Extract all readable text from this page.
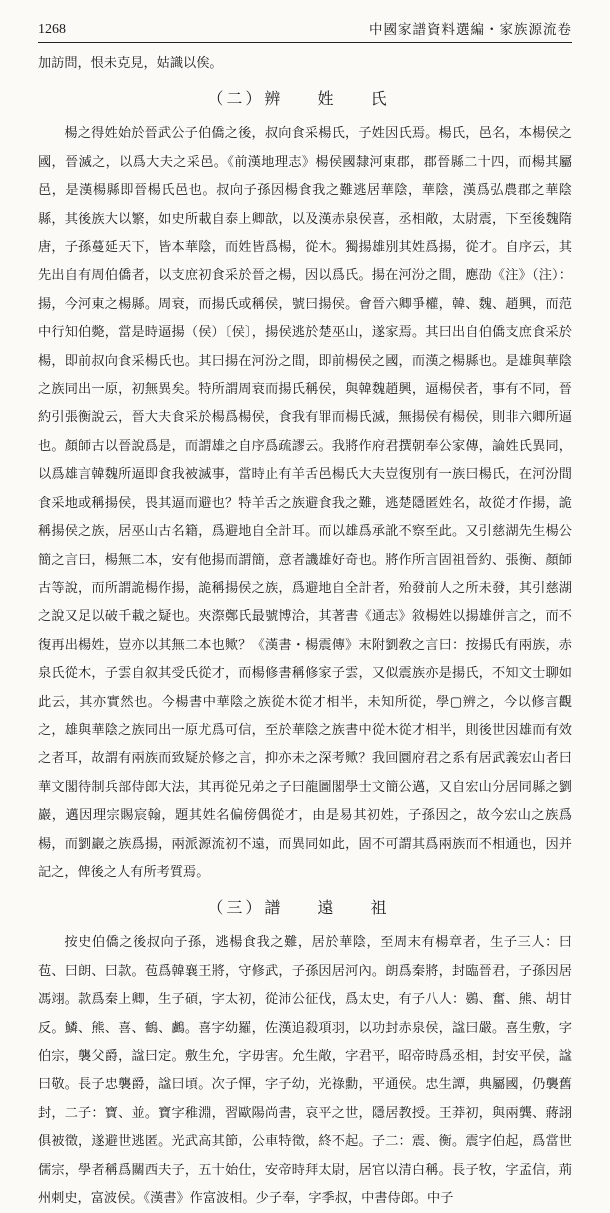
1268	中國家譜資料選編・家族源流卷

加訪問，恨未克見，姑識以俟。

（二）辨 姓 氏

楊之得姓始於晉武公子伯僑之後，叔向食采楊氏，子姓因氏焉。楊氏，邑名，本楊侯之國，晉滅之，以爲大夫之采邑。《前漢地理志》楊侯國隸河東郡，郡晉縣二十四，而楊其屬邑，是漢楊縣即晉楊氏邑也。叔向子孫因楊食我之難逃居華陰，華陰，漢爲弘農郡之華陰縣，其後族大以繁，如史所載自泰上卿歆，以及漢赤泉侯喜，丞相敞，太尉震，下至後魏隋唐，子孫蔓延天下，皆本華陰，而姓皆爲楊，從木。獨揚雄別其姓爲揚，從才。自序云，其先出自有周伯僑者，以支庶初食采於晉之楊，因以爲氏。揚在河汾之間，應劭《注》（注）：揚，今河東之楊縣。周衰，而揚氏或稱侯，號曰揚侯。會晉六卿爭權，韓、魏、趙興，而范中行知伯斃，當是時逼揚（侯）〔侯〕，揚侯逃於楚巫山，遂家焉。其曰出自伯僑支庶食采於楊，即前叔向食采楊氏也。其曰揚在河汾之間，即前楊侯之國，而漢之楊縣也。是雄與華陰之族同出一原，初無異矣。特所謂周衰而揚氏稱侯，與韓魏趙興，逼楊侯者，事有不同，晉約引張衡說云，晉大夫食采於楊爲楊侯，食我有罪而楊氏滅，無揚侯有楊侯，則非六卿所逼也。顏師古以晉說爲是，而謂雄之自序爲疏謬云。我將作府君撰朝奉公家傳，論姓氏異同，以爲雄言韓魏所逼即食我被滅事，當時止有羊舌邑楊氏大夫豈復別有一族曰楊氏，在河汾間食采地或稱揚侯，畏其逼而避也？特羊舌之族避食我之難，逃楚隱匿姓名，故從才作揚，詭稱揚侯之族，居巫山古名籍，爲避地自全計耳。而以雄爲承訛不察至此。又引慈湖先生楊公簡之言曰，楊無二本，安有他揚而謂簡，意者譏雄好奇也。將作所言固祖晉約、張衡、顏師古等說，而所謂詭楊作揚，詭稱揚侯之族，爲避地自全計者，殆發前人之所未發，其引慈湖之說又足以破千載之疑也。夾漈鄭氏最號博洽，其著書《通志》敘楊姓以揚雄併言之，而不復再出楊姓，豈亦以其無二本也歟？《漢書・楊震傳》末附劉敎之言曰：按揚氏有兩族，赤泉氏從木，子雲自叙其受氏從才，而楊修書稱修家子雲，又似震族亦是揚氏，不知文士聊如此云，其亦實然也。今楊書中華陰之族從木從才相半，未知所從，學▢辨之，今以修言觀之，雄與華陰之族同出一原尤爲可信，至於華陰之族書中從木從才相半，則後世因雄而有效之者耳，故謂有兩族而致疑於修之言，抑亦未之深考歟？我回圜府君之系有居武義宏山者曰華文閣待制兵部侍郎大法，其再從兄弟之子曰龍圖閣學士文簡公邁，又自宏山分居同縣之劉巖，邁因理宗賜宸翰，題其姓名偏傍偶從才，由是易其初姓，子孫因之，故今宏山之族爲楊，而劉巖之族爲揚，兩派源流初不遠，而異同如此，固不可謂其爲兩族而不相通也，因并記之，俾後之人有所考質焉。

（三）譜 遠 祖

按史伯僑之後叔向子孫，逃楊食我之難，居於華陰，至周末有楊章者，生子三人：曰苞、曰朗、曰款。苞爲韓襄王將，守修武，子孫因居河內。朗爲秦將，封臨晉君，子孫因居馮翊。款爲秦上卿，生子碩，字太初，從沛公征伐，爲太史，有子八人：鷃、奮、熊、胡甘反。鱗、熊、喜、鶴、鸕。喜字幼羅，佐漢追殺項羽，以功封赤泉侯，諡曰嚴。喜生敷，字伯宗，襲父爵，諡曰定。敷生允，字毋害。允生敞，字君平，昭帝時爲丞相，封安平侯，諡曰敬。長子忠襲爵，諡曰頃。次子惲，字子幼，光祿勳，平通侯。忠生譚，典屬國，仍襲舊封，二子：寶、並。寶字稚淵，習歐陽尚書，哀平之世，隱居教授。王莽初，與兩龔、蔣詡俱被徵，遂避世逃匿。光武高其節，公車特徵，終不起。子二：震、衡。震字伯起，爲當世儒宗，學者稱爲關西夫子，五十始仕，安帝時拜太尉，居官以清白稱。長子牧，字孟信，荊州刺史，富波侯。《漢書》作富波相。少子奉，字季叔，中書侍郎。中子
